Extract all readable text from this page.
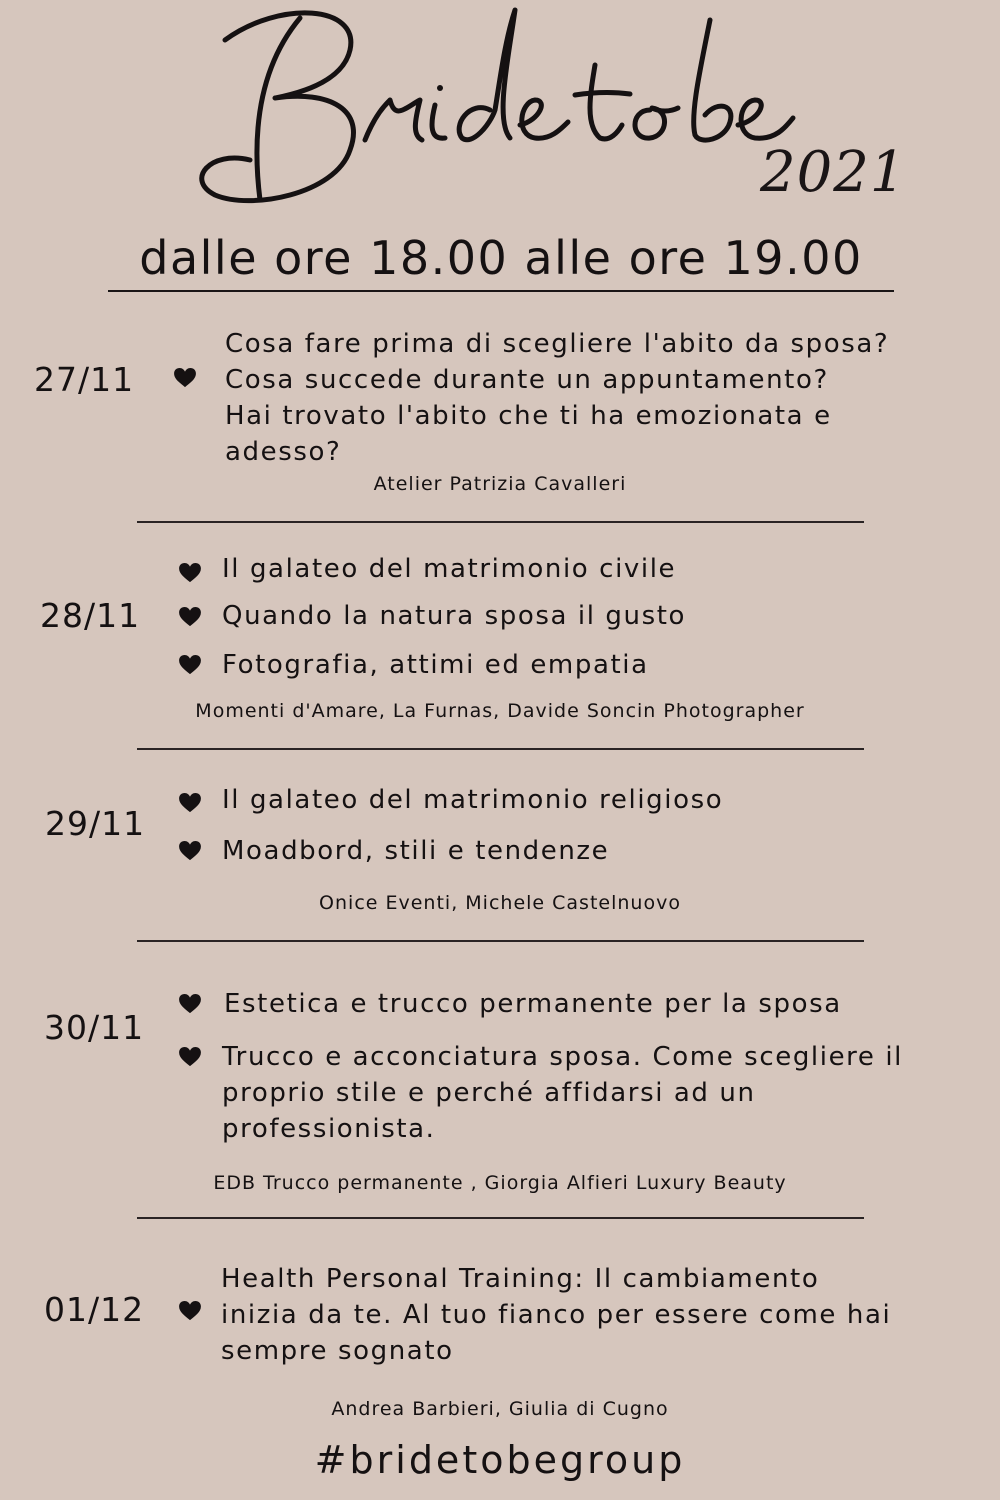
2021
dalle ore 18.00 alle ore 19.00
27/11
Cosa fare prima di scegliere l'abito da sposa?
Cosa succede durante un appuntamento?
Hai trovato l'abito che ti ha emozionata e
adesso?
Atelier Patrizia Cavalleri
28/11
Il galateo del matrimonio civile
Quando la natura sposa il gusto
Fotografia, attimi ed empatia
Momenti d'Amare, La Furnas, Davide Soncin Photographer
29/11
Il galateo del matrimonio religioso
Moadbord, stili e tendenze
Onice Eventi, Michele Castelnuovo
30/11
Estetica e trucco permanente per la sposa
Trucco e acconciatura sposa. Come scegliere il
proprio stile e perché affidarsi ad un
professionista.
EDB Trucco permanente , Giorgia Alfieri Luxury Beauty
01/12
Health Personal Training: Il cambiamento
inizia da te. Al tuo fianco per essere come hai
sempre sognato
Andrea Barbieri, Giulia di Cugno
#bridetobegroup
